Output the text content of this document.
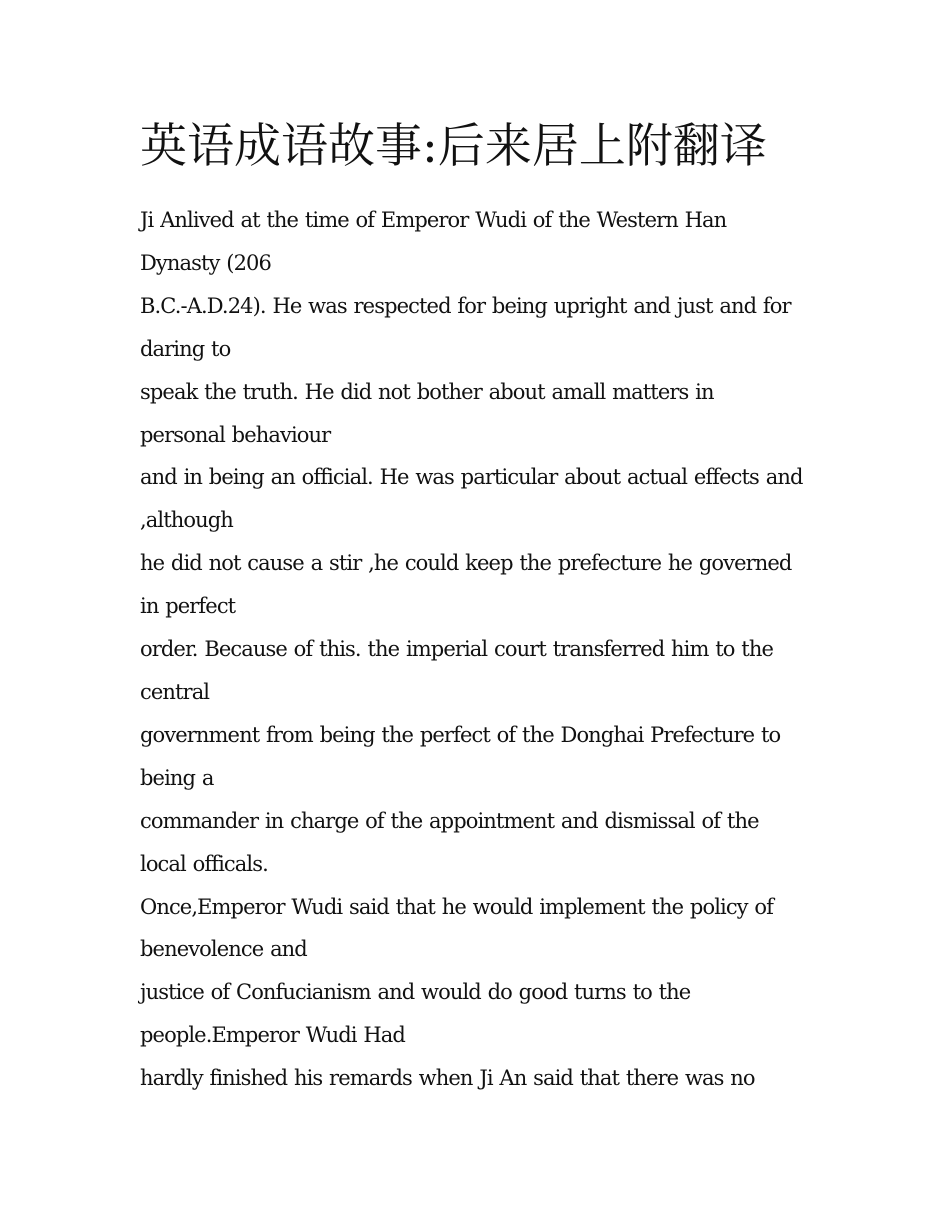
英语成语故事:后来居上附翻译
Ji Anlived at the time of Emperor Wudi of the Western Han
Dynasty (206
B.C.-A.D.24). He was respected for being upright and just and for
daring to
speak the truth. He did not bother about amall matters in
personal behaviour
and in being an official. He was particular about actual effects and
,although
he did not cause a stir ,he could keep the prefecture he governed
in perfect
order. Because of this. the imperial court transferred him to the
central
government from being the perfect of the Donghai Prefecture to
being a
commander in charge of the appointment and dismissal of the
local officals.
Once,Emperor Wudi said that he would implement the policy of
benevolence and
justice of Confucianism and would do good turns to the
people.Emperor Wudi Had
hardly finished his remards when Ji An said that there was no
